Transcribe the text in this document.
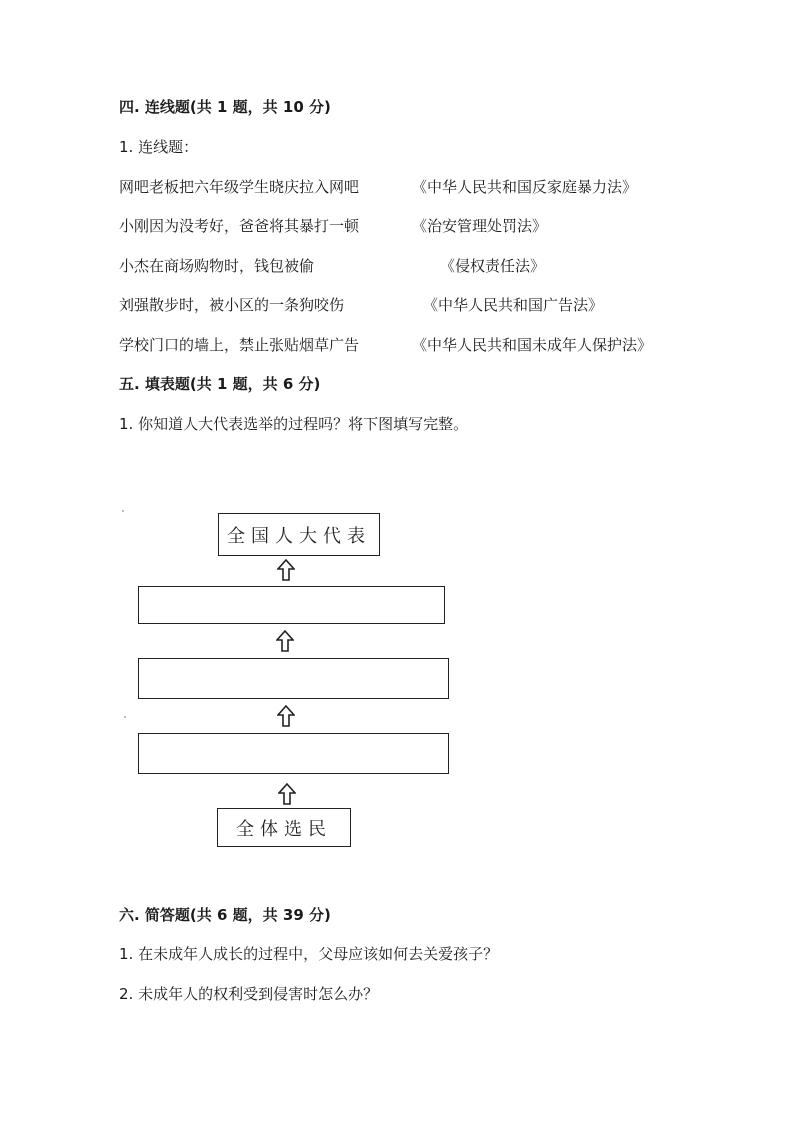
四. 连线题(共 1 题，共 10 分)
1. 连线题：
网吧老板把六年级学生晓庆拉入网吧	《中华人民共和国反家庭暴力法》
小刚因为没考好，爸爸将其暴打一顿	《治安管理处罚法》
小杰在商场购物时，钱包被偷	《侵权责任法》
刘强散步时，被小区的一条狗咬伤	《中华人民共和国广告法》
学校门口的墙上，禁止张贴烟草广告	《中华人民共和国未成年人保护法》
五. 填表题(共 1 题，共 6 分)
1. 你知道人大代表选举的过程吗？将下图填写完整。
全国人大代表
全体选民
六. 简答题(共 6 题，共 39 分)
1. 在未成年人成长的过程中，父母应该如何去关爱孩子？
2. 未成年人的权利受到侵害时怎么办？
